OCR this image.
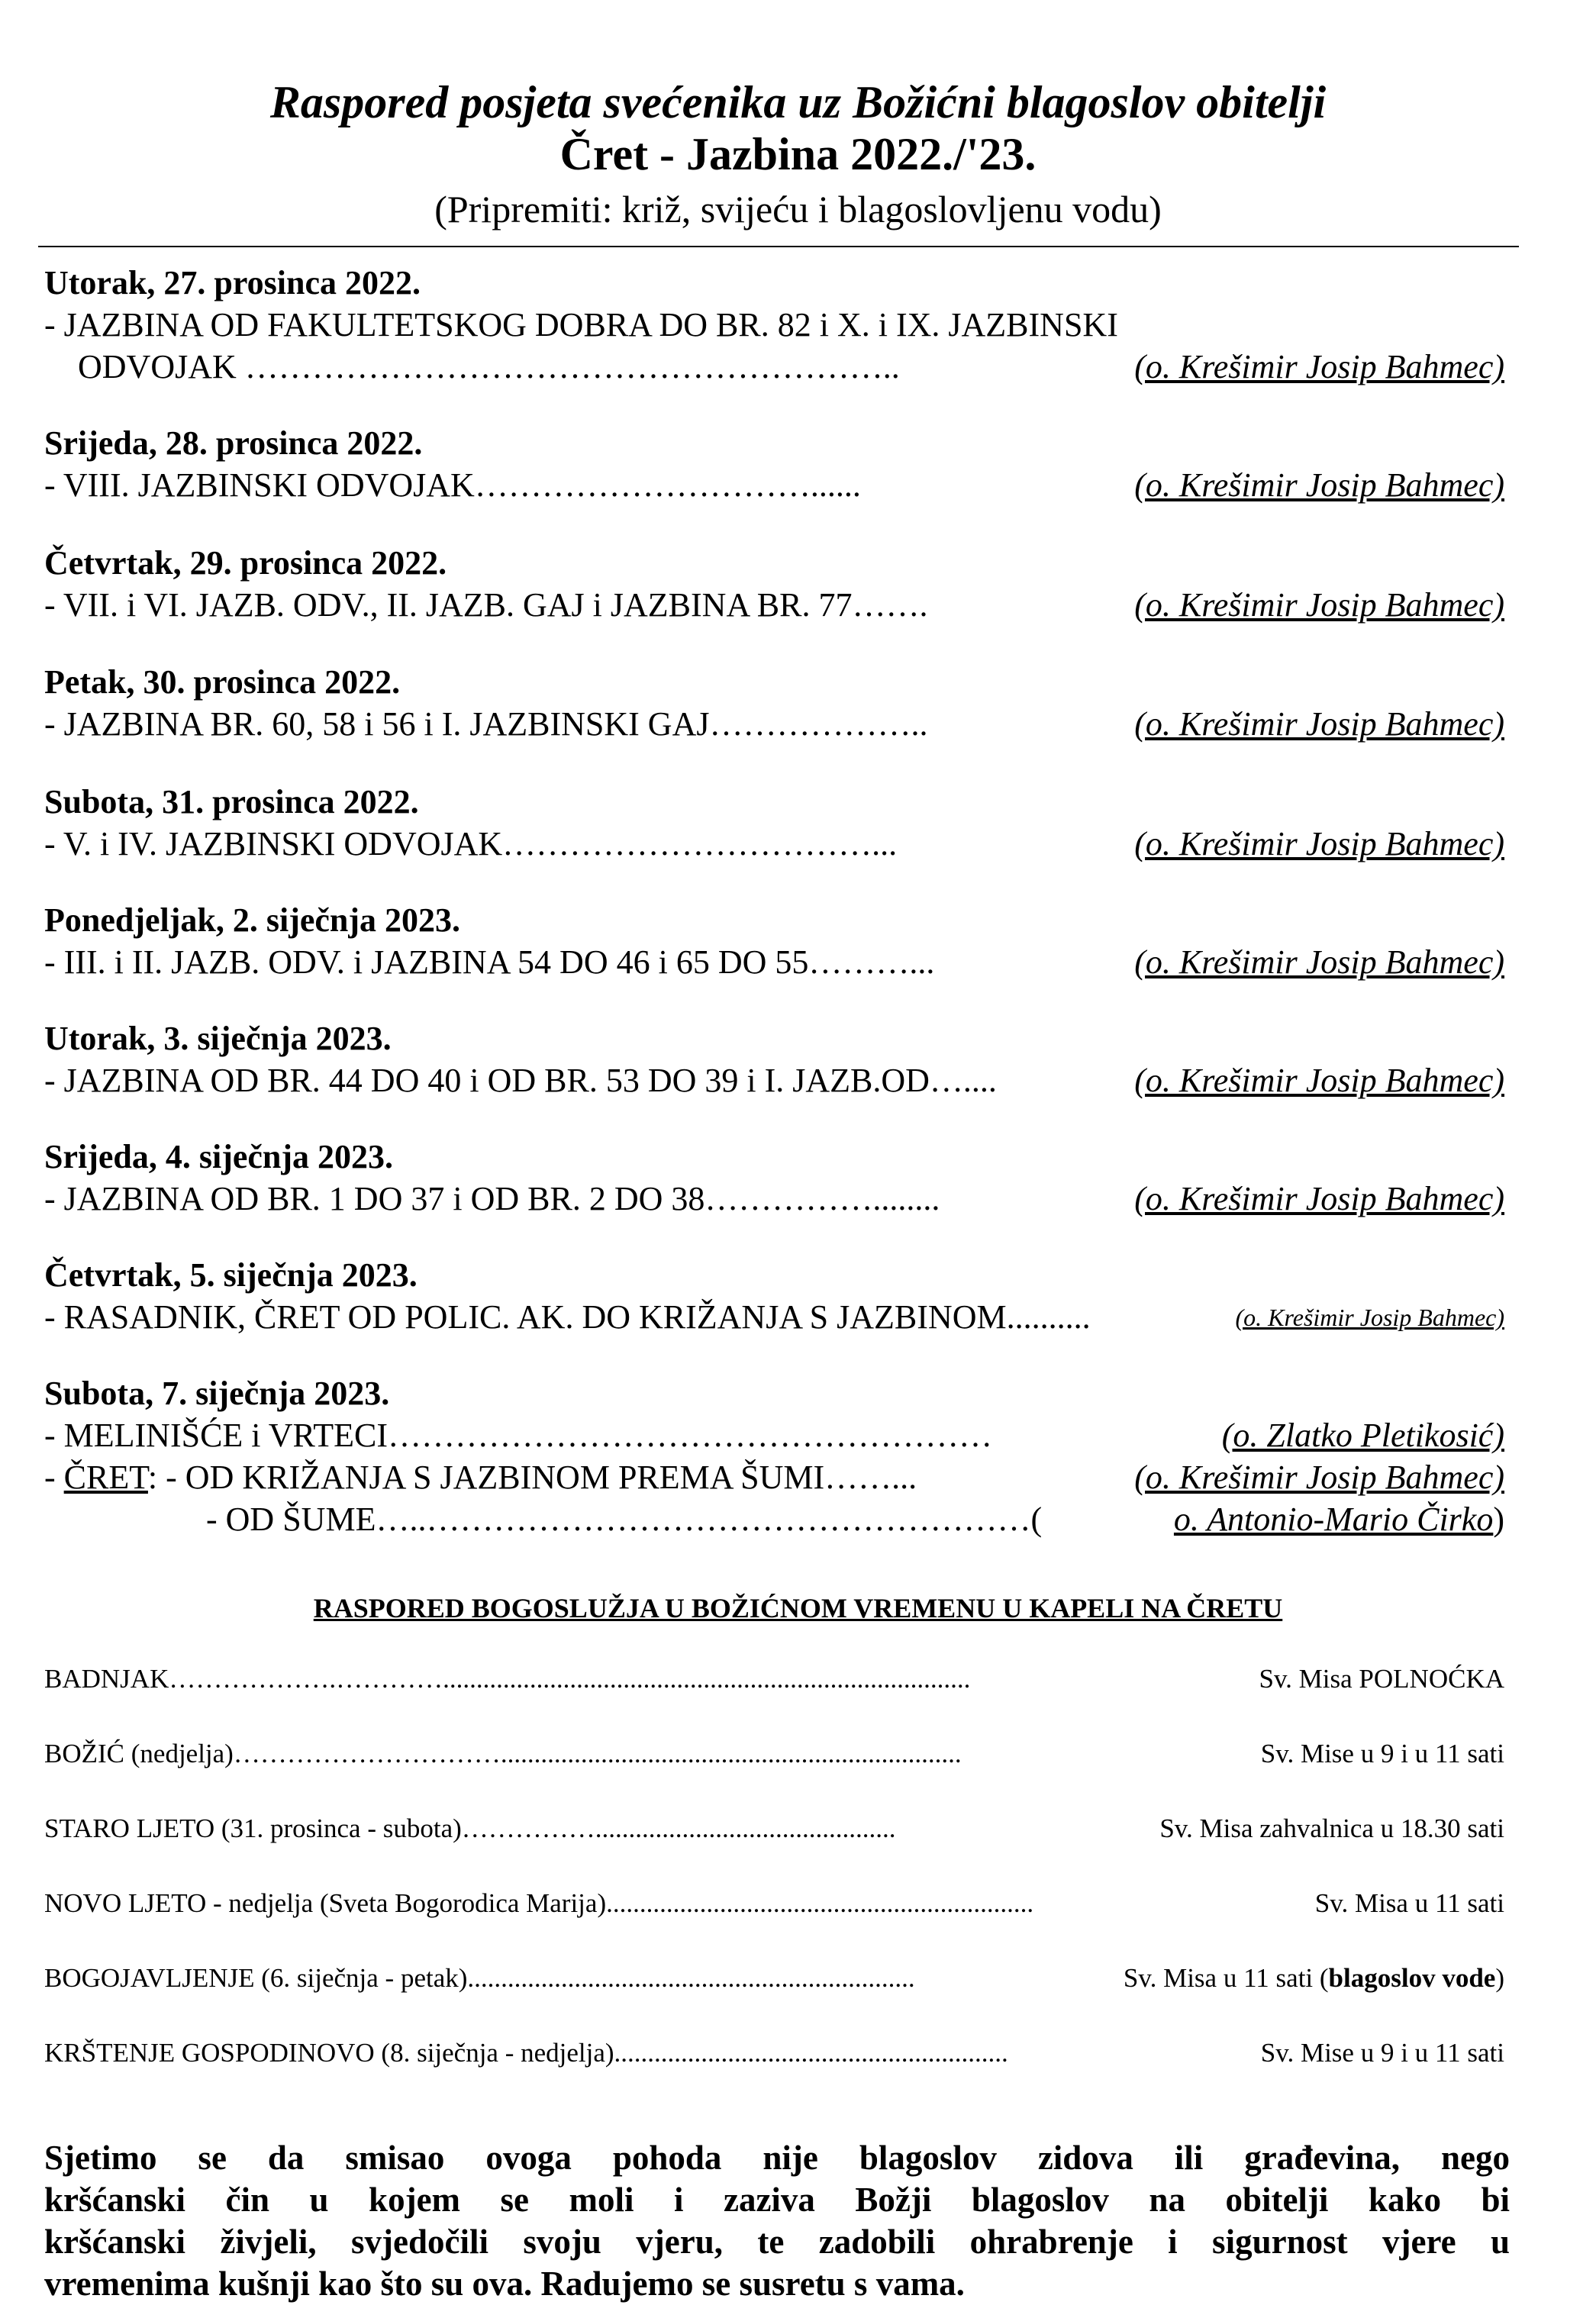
Raspored posjeta svećenika uz Božićni blagoslov obitelji
Čret - Jazbina 2022./'23.
(Pripremiti: križ, svijeću i blagoslovljenu vodu)
Utorak, 27. prosinca 2022.
- JAZBINA OD FAKULTETSKOG DOBRA DO BR. 82 i X. i IX. JAZBINSKI
ODVOJAK …………………………………………………..	(o. Krešimir Josip Bahmec)
Srijeda, 28. prosinca 2022.
- VIII. JAZBINSKI ODVOJAK…………………………......	(o. Krešimir Josip Bahmec)
Četvrtak, 29. prosinca 2022.
- VII. i VI. JAZB. ODV., II. JAZB. GAJ i JAZBINA BR. 77…….	(o. Krešimir Josip Bahmec)
Petak, 30. prosinca 2022.
- JAZBINA BR. 60, 58 i 56 i I. JAZBINSKI GAJ………………..	(o. Krešimir Josip Bahmec)
Subota, 31. prosinca 2022.
- V. i IV. JAZBINSKI ODVOJAK……………………………...	(o. Krešimir Josip Bahmec)
Ponedjeljak, 2. siječnja 2023.
- III. i II. JAZB. ODV. i JAZBINA 54 DO 46 i 65 DO 55………...	(o. Krešimir Josip Bahmec)
Utorak, 3. siječnja 2023.
- JAZBINA OD BR. 44 DO 40 i OD BR. 53 DO 39 i I. JAZB.OD…....	(o. Krešimir Josip Bahmec)
Srijeda, 4. siječnja 2023.
- JAZBINA OD BR. 1 DO 37 i OD BR. 2 DO 38……………........	(o. Krešimir Josip Bahmec)
Četvrtak, 5. siječnja 2023.
- RASADNIK, ČRET OD POLIC. AK. DO KRIŽANJA S JAZBINOM..........	(o. Krešimir Josip Bahmec)
Subota, 7. siječnja 2023.
- MELINIŠĆE i VRTECI………………………………………………	(o. Zlatko Pletikosić)
- ČRET: - OD KRIŽANJA S JAZBINOM PREMA ŠUMI……...	(o. Krešimir Josip Bahmec)
- OD ŠUME…..………………………………………………(	o. Antonio-Mario Čirko)
RASPORED BOGOSLUŽJA U BOŽIĆNOM VREMENU U KAPELI NA ČRETU
BADNJAK……………….…………...............................................................................	Sv. Misa POLNOĆKA
BOŽIĆ (nedjelja)………………………….....................................................................	Sv. Mise u 9 i u 11 sati
STARO LJETO (31. prosinca - subota)…………….............................................	Sv. Misa zahvalnica u 18.30 sati
NOVO LJETO - nedjelja (Sveta Bogorodica Marija)................................................................	Sv. Misa u 11 sati
BOGOJAVLJENJE (6. siječnja - petak)...................................................................	Sv. Misa u 11 sati (blagoslov vode)
KRŠTENJE GOSPODINOVO (8. siječnja - nedjelja)...........................................................	Sv. Mise u 9 i u 11 sati
Sjetimo se da smisao ovoga pohoda nije blagoslov zidova ili građevina, nego
kršćanski čin u kojem se moli i zaziva Božji blagoslov na obitelji kako bi
kršćanski živjeli, svjedočili svoju vjeru, te zadobili ohrabrenje i sigurnost vjere u
vremenima kušnji kao što su ova. Radujemo se susretu s vama.
